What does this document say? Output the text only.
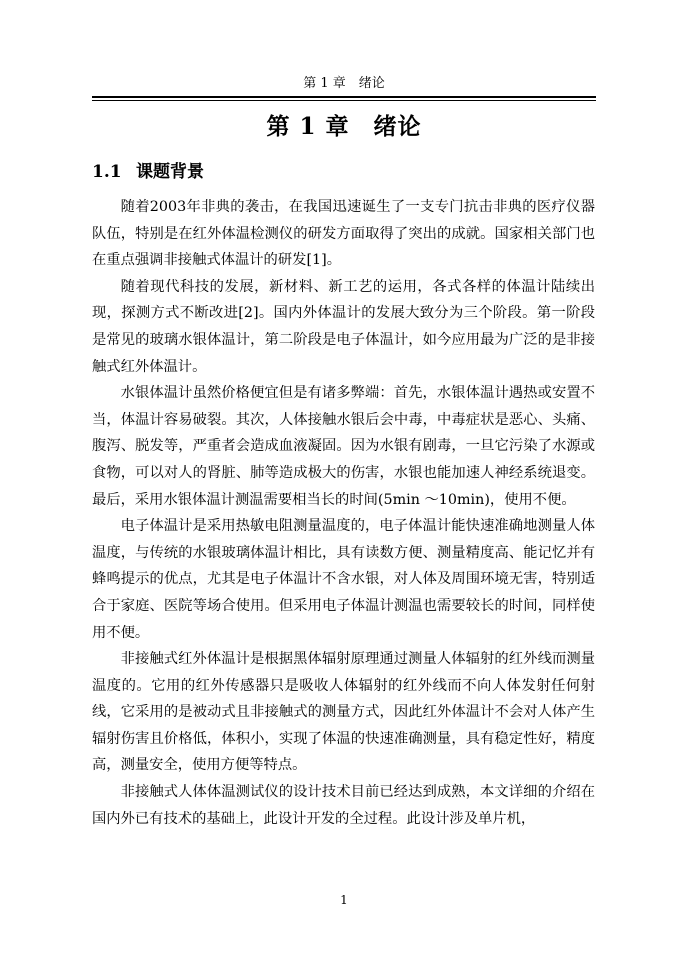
第 1 章　绪论
第 1 章　绪论
1.1 课题背景

随着2003年非典的袭击，在我国迅速诞生了一支专门抗击非典的医疗仪器队伍，特别是在红外体温检测仪的研发方面取得了突出的成就。国家相关部门也在重点强调非接触式体温计的研发[1]。

随着现代科技的发展，新材料、新工艺的运用，各式各样的体温计陆续出现，探测方式不断改进[2]。国内外体温计的发展大致分为三个阶段。第一阶段是常见的玻璃水银体温计，第二阶段是电子体温计，如今应用最为广泛的是非接触式红外体温计。

水银体温计虽然价格便宜但是有诸多弊端：首先，水银体温计遇热或安置不当，体温计容易破裂。其次，人体接触水银后会中毒，中毒症状是恶心、头痛、腹泻、脱发等，严重者会造成血液凝固。因为水银有剧毒，一旦它污染了水源或食物，可以对人的肾脏、肺等造成极大的伤害，水银也能加速人神经系统退变。最后，采用水银体温计测温需要相当长的时间(5min ～10min)，使用不便。

电子体温计是采用热敏电阻测量温度的，电子体温计能快速准确地测量人体温度，与传统的水银玻璃体温计相比，具有读数方便、测量精度高、能记忆并有蜂鸣提示的优点，尤其是电子体温计不含水银，对人体及周围环境无害，特别适合于家庭、医院等场合使用。但采用电子体温计测温也需要较长的时间，同样使用不便。

非接触式红外体温计是根据黑体辐射原理通过测量人体辐射的红外线而测量温度的。它用的红外传感器只是吸收人体辐射的红外线而不向人体发射任何射线，它采用的是被动式且非接触式的测量方式，因此红外体温计不会对人体产生辐射伤害且价格低，体积小，实现了体温的快速准确测量，具有稳定性好，精度高，测量安全，使用方便等特点。

非接触式人体体温测试仪的设计技术目前已经达到成熟，本文详细的介绍在国内外已有技术的基础上，此设计开发的全过程。此设计涉及单片机，

1
